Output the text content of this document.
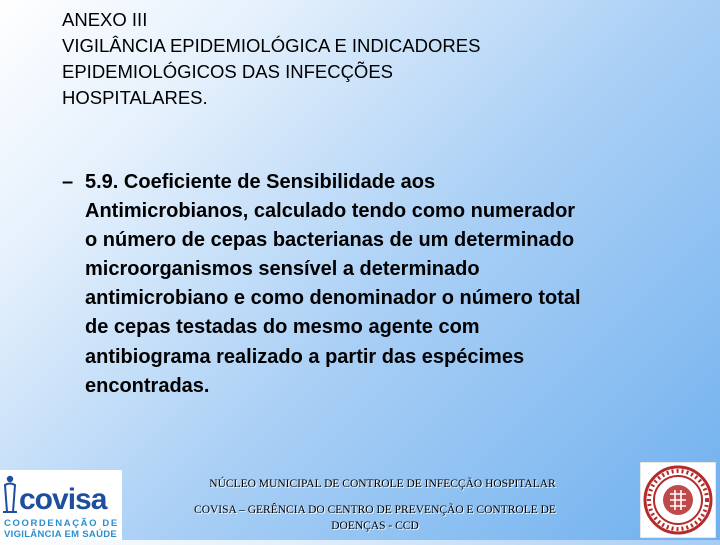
ANEXO III
VIGILÂNCIA EPIDEMIOLÓGICA E INDICADORES
EPIDEMIOLÓGICOS DAS INFECÇÕES
HOSPITALARES.
– 5.9. Coeficiente de Sensibilidade aos
Antimicrobianos, calculado tendo como numerador
o número de cepas bacterianas de um determinado
microorganismos sensível a determinado
antimicrobiano e como denominador o número total
de cepas testadas do mesmo agente com
antibiograma realizado a partir das espécimes
encontradas.
covisa
COORDENAÇÃO DE
VIGILÂNCIA EM SAÚDE
NÚCLEO MUNICIPAL DE CONTROLE DE INFECÇÃO HOSPITALAR
COVISA – GERÊNCIA DO CENTRO DE PREVENÇÃO E CONTROLE DE
DOENÇAS - CCD
